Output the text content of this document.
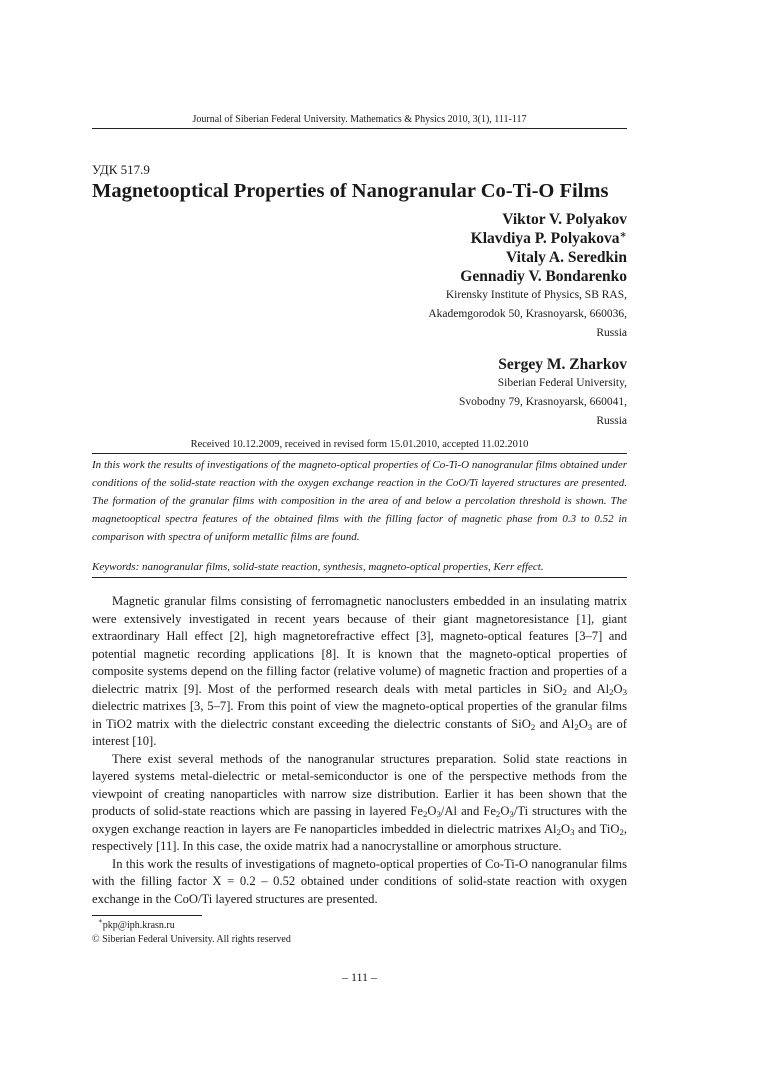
Journal of Siberian Federal University. Mathematics & Physics 2010, 3(1), 111-117
УДК 517.9
Magnetooptical Properties of Nanogranular Co-Ti-O Films
Viktor V. Polyakov
Klavdiya P. Polyakova∗
Vitaly A. Seredkin
Gennadiy V. Bondarenko
Kirensky Institute of Physics, SB RAS,
Akademgorodok 50, Krasnoyarsk, 660036,
Russia
Sergey M. Zharkov
Siberian Federal University,
Svobodny 79, Krasnoyarsk, 660041,
Russia
Received 10.12.2009, received in revised form 15.01.2010, accepted 11.02.2010

In this work the results of investigations of the magneto-optical properties of Co-Ti-O nanogranular films obtained under conditions of the solid-state reaction with the oxygen exchange reaction in the CoO/Ti layered structures are presented. The formation of the granular films with composition in the area of and below a percolation threshold is shown. The magnetooptical spectra features of the obtained films with the filling factor of magnetic phase from 0.3 to 0.52 in comparison with spectra of uniform metallic films are found.

Keywords: nanogranular films, solid-state reaction, synthesis, magneto-optical properties, Kerr effect.

Magnetic granular films consisting of ferromagnetic nanoclusters embedded in an insulating matrix were extensively investigated in recent years because of their giant magnetoresistance [1], giant extraordinary Hall effect [2], high magnetorefractive effect [3], magneto-optical features [3–7] and potential magnetic recording applications [8]. It is known that the magneto-optical properties of composite systems depend on the filling factor (relative volume) of magnetic fraction and properties of a dielectric matrix [9]. Most of the performed research deals with metal particles in SiO$_2$ and $Al_2O_3$ dielectric matrixes [3, 5–7]. From this point of view the magneto-optical properties of the granular films in TiO2 matrix with the dielectric constant exceeding the dielectric constants of SiO$_2$ and $Al_2O_3$ are of interest [10].

There exist several methods of the nanogranular structures preparation. Solid state reactions in layered systems metal-dielectric or metal-semiconductor is one of the perspective methods from the viewpoint of creating nanoparticles with narrow size distribution. Earlier it has been shown that the products of solid-state reactions which are passing in layered $Fe_2O_3/Al$ and $Fe_2O_3/Ti$ structures with the oxygen exchange reaction in layers are Fe nanoparticles imbedded in dielectric matrixes $Al_2O_3$ and TiO$_2$, respectively [11]. In this case, the oxide matrix had a nanocrystalline or amorphous structure.

In this work the results of investigations of magneto-optical properties of Co-Ti-O nanogranular films with the filling factor X = 0.2 – 0.52 obtained under conditions of solid-state reaction with oxygen exchange in the CoO/Ti layered structures are presented.

∗pkp@iph.krasn.ru
© Siberian Federal University. All rights reserved
– 111 –
